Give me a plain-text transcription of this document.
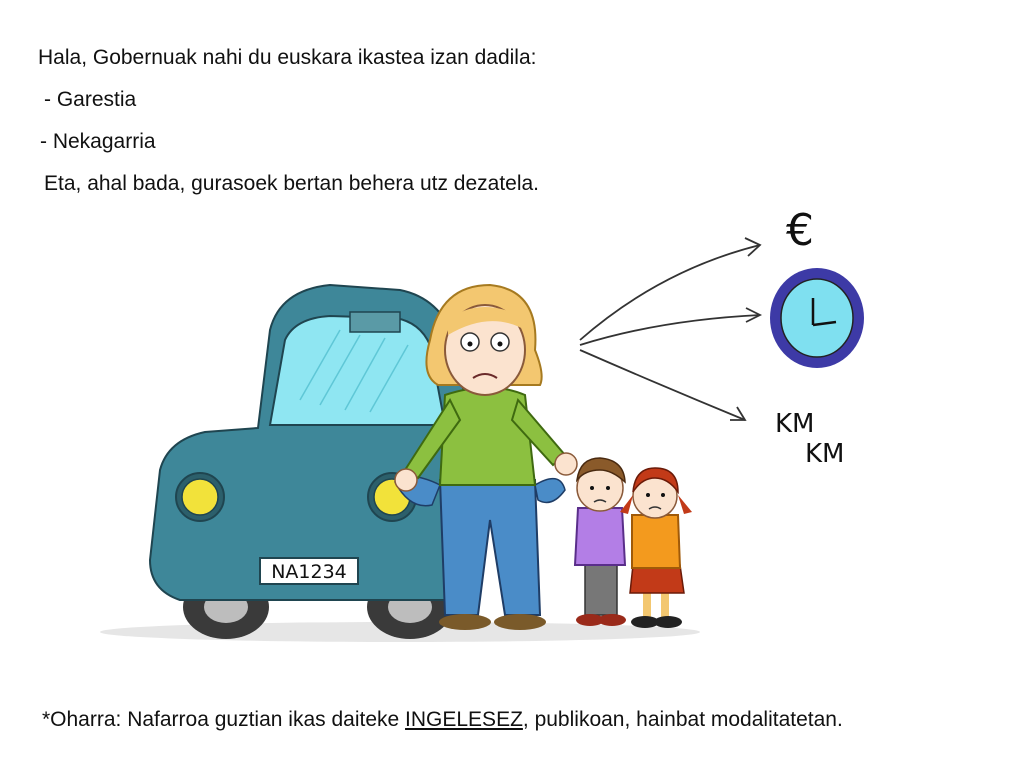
Hala, Gobernuak nahi du euskara ikastea izan dadila:
- Garestia
- Nekagarria
Eta, ahal bada, gurasoek bertan behera utz dezatela.
NA1234
€
KM
KM
*Oharra: Nafarroa guztian ikas daiteke INGELESEZ, publikoan, hainbat modalitatetan.
